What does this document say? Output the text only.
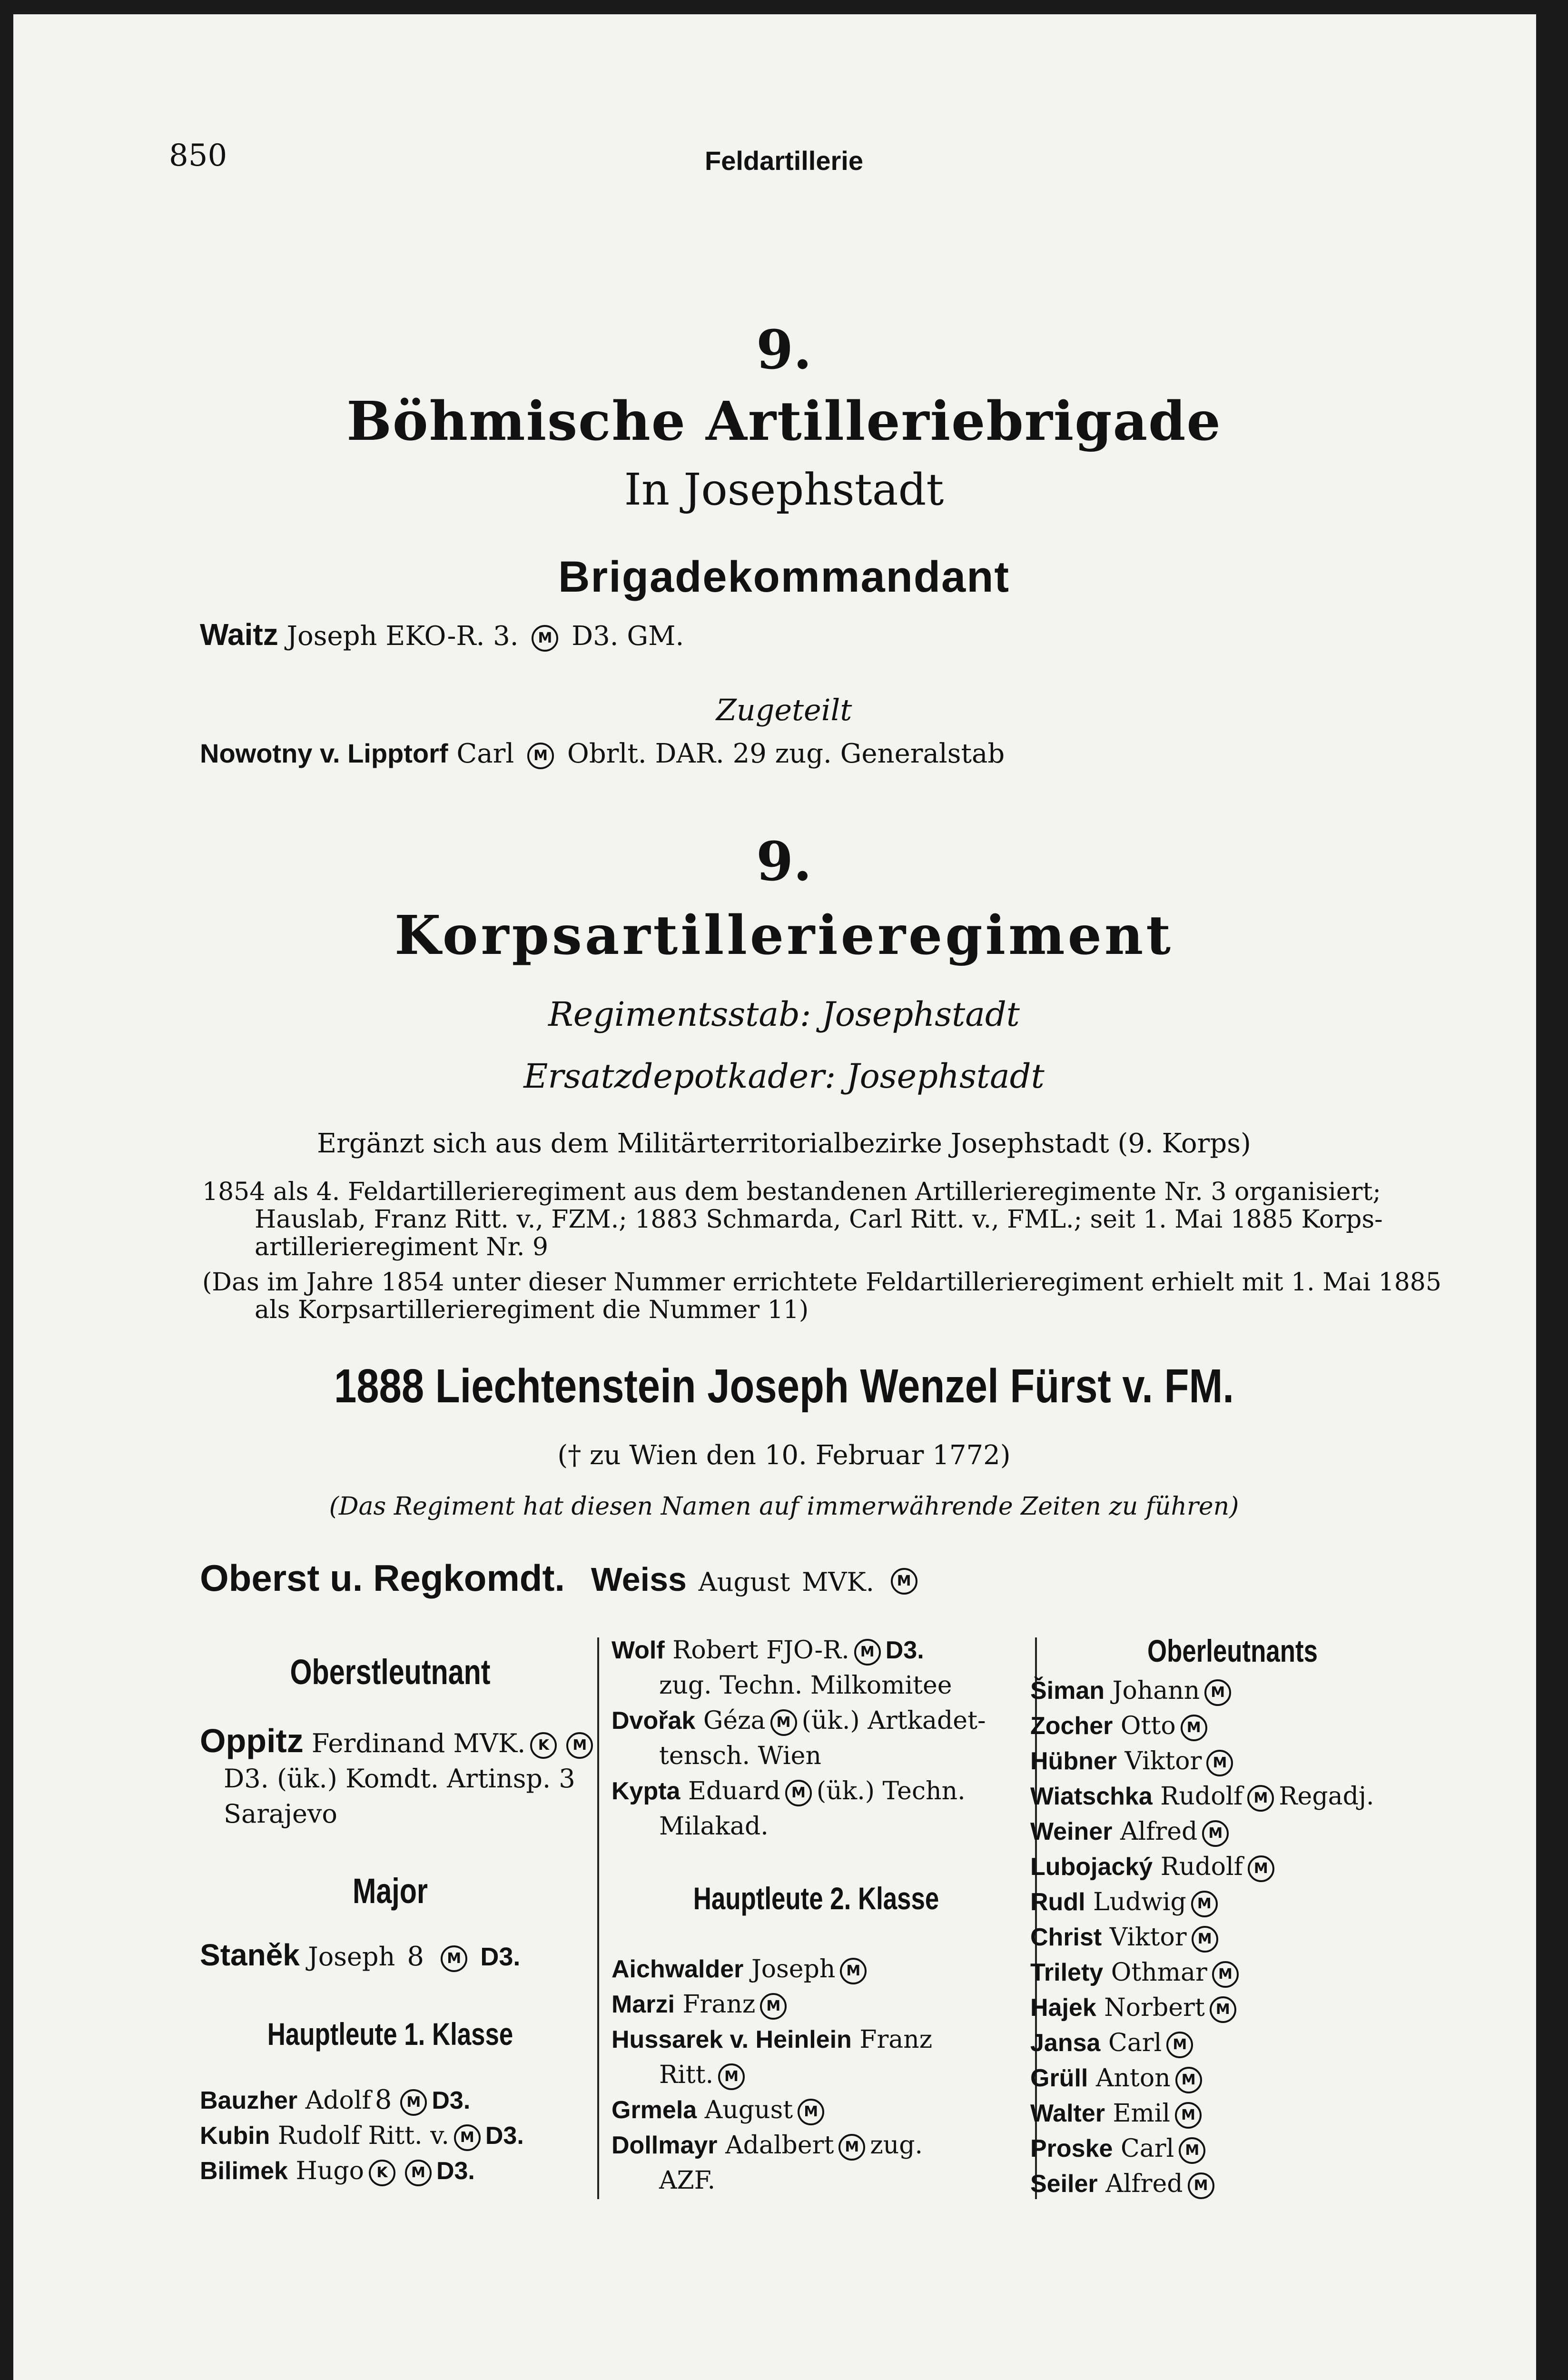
850	Feldartillerie
9.
Böhmische Artilleriebrigade
In Josephstadt
Brigadekommandant
Waitz Joseph EKO-R. 3. M D3. GM.
Zugeteilt
Nowotny v. Lipptorf Carl M Obrlt. DAR. 29 zug. Generalstab
9.
Korpsartillerieregiment
Regimentsstab: Josephstadt
Ersatzdepotkader: Josephstadt
Ergänzt sich aus dem Militärterritorialbezirke Josephstadt (9. Korps)
1854 als 4. Feldartillerieregiment aus dem bestandenen Artillerieregimente Nr. 3 organisiert;
Hauslab, Franz Ritt. v., FZM.; 1883 Schmarda, Carl Ritt. v., FML.; seit 1. Mai 1885 Korps-
artillerieregiment Nr. 9
(Das im Jahre 1854 unter dieser Nummer errichtete Feldartillerieregiment erhielt mit 1. Mai 1885
als Korpsartillerieregiment die Nummer 11)
1888 Liechtenstein Joseph Wenzel Fürst v. FM.
(† zu Wien den 10. Februar 1772)
(Das Regiment hat diesen Namen auf immerwährende Zeiten zu führen)
Oberst u. Regkomdt. Weiss August MVK. M
Oberstleutnant
Oppitz Ferdinand MVK. K M
D3. (ük.) Komdt. Artinsp. 3
Sarajevo
Major
Staněk Joseph 8 M D3.
Hauptleute 1. Klasse
Bauzher Adolf 8 M D3.
Kubin Rudolf Ritt. v. M D3.
Bilimek Hugo K M D3.
Wolf Robert FJO-R. M D3.
zug. Techn. Milkomitee
Dvořak Géza M (ük.) Artkadet-
tensch. Wien
Kypta Eduard M (ük.) Techn.
Milakad.
Hauptleute 2. Klasse
Aichwalder Joseph M
Marzi Franz M
Hussarek v. Heinlein Franz
Ritt. M
Grmela August M
Dollmayr Adalbert M zug.
AZF.
Oberleutnants
Šiman Johann M
Zocher Otto M
Hübner Viktor M
Wiatschka Rudolf M Regadj.
Weiner Alfred M
Lubojacký Rudolf M
Rudl Ludwig M
Christ Viktor M
Trilety Othmar M
Hajek Norbert M
Jansa Carl M
Grüll Anton M
Walter Emil M
Proske Carl M
Seiler Alfred M
